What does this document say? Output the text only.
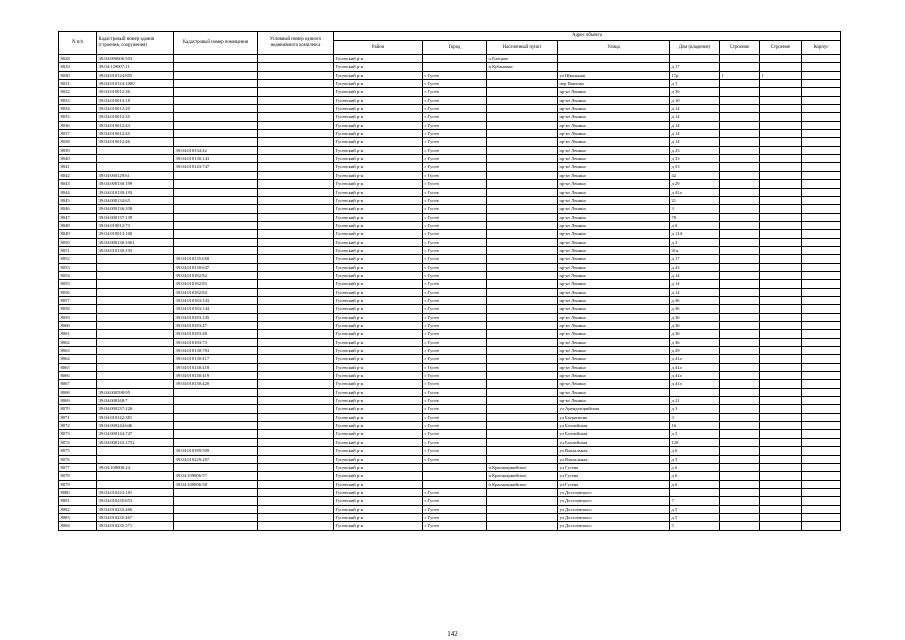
N п/п	Кадастровый номер здания (строения, сооружения)	Кадастровый номер помещения	Условный номер единого недвижимого комплекса	Адрес объекта							
				Район	Город	Населенный пункт	Улица	Дом (владение)	Строение	Строение	Корпус
8028	39:04:000606:503			Гусевский р-н		п Елецкое					
8029	39:04:129007:11			Гусевский р-н		п Кубановка		д 17			
8030	39:04:010124:855			Гусевский р-н	г Гусев		ул Школьная	17р	1	1	
8031	39:04:010124:1000			Гусевский р-н	г Гусев		пер Павлова	д 1			
8032	39:04:010012:36			Гусевский р-н	г Гусев		пр-кт Ленина	д 36			
8033	39:04:010013:18			Гусевский р-н	г Гусев		пр-кт Ленина	д 10			
8034	39:04:010012:20			Гусевский р-н	г Гусев		пр-кт Ленина	д 14			
8035	39:04:010012:35			Гусевский р-н	г Гусев		пр-кт Ленина	д 14			
8036	39:04:010012:43			Гусевский р-н	г Гусев		пр-кт Ленина	д 14			
8037	39:04:010012:45			Гусевский р-н	г Гусев		пр-кт Ленина	д 14			
8038	39:04:010012:46			Гусевский р-н	г Гусев		пр-кт Ленина	д 14			
8039		39:04:010134:42		Гусевский р-н	г Гусев		пр-кт Ленина	д 23			
8040		39:04:010130:143		Гусевский р-н	г Гусев		пр-кт Ленина	д 33			
8041		39:04:010143:747		Гусевский р-н	г Гусев		пр-кт Ленина	д 53			
8042	39:04:000129:61			Гусевский р-н	г Гусев		пр-кт Ленина	42			
8043	39:04:000130:199			Гусевский р-н	г Гусев		пр-кт Ленина	д 29			
8044	39:04:010130:193			Гусевский р-н	г Гусев		пр-кт Ленина	д 41а			
8045	39:04:000134:65			Гусевский р-н	г Гусев		пр-кт Ленина	21			
8046	39:04:000136:338			Гусевский р-н	г Гусев		пр-кт Ленина	3			
8047	39:04:000137:139			Гусевский р-н	г Гусев		пр-кт Ленина	78			
8048	39:04:010012:73			Гусевский р-н	г Гусев		пр-кт Ленина	д 6			
8049	39:04:010013:100			Гусевский р-н	г Гусев		пр-кт Ленина	д 11А			
8050	39:04:000130:1061			Гусевский р-н	г Гусев		пр-кт Ленина	д 3			
8051	39:04:010130:193			Гусевский р-н	г Гусев		пр-кт Ленина	41а			
8052		39:04:010135:658		Гусевский р-н	г Гусев		пр-кт Ленина	д 17			
8053		39:04:010130:647		Гусевский р-н	г Гусев		пр-кт Ленина	д 43			
8054		39:04:010182:82		Гусевский р-н	г Гусев		пр-кт Ленина	д 14			
8055		39:04:010182:83		Гусевский р-н	г Гусев		пр-кт Ленина	д 14			
8056		39:04:010182:84		Гусевский р-н	г Гусев		пр-кт Ленина	д 14			
8057		39:04:010183:143		Гусевский р-н	г Гусев		пр-кт Ленина	д 36			
8058		39:04:010183:144		Гусевский р-н	г Гусев		пр-кт Ленина	д 36			
8059		39:04:010183:145		Гусевский р-н	г Гусев		пр-кт Ленина	д 36			
8060		39:04:010183:47		Гусевский р-н	г Гусев		пр-кт Ленина	д 36			
8061		39:04:010183:48		Гусевский р-н	г Гусев		пр-кт Ленина	д 36			
8062		39:04:010183:73		Гусевский р-н	г Гусев		пр-кт Ленина	д 36			
8063		39:04:010130:703		Гусевский р-н	г Гусев		пр-кт Ленина	д 29			
8064		39:04:010130:417		Гусевский р-н	г Гусев		пр-кт Ленина	д 41а			
8065		39:04:010130:418		Гусевский р-н	г Гусев		пр-кт Ленина	д 41а			
8066		39:04:010130:419		Гусевский р-н	г Гусев		пр-кт Ленина	д 41а			
8067		39:04:010130:420		Гусевский р-н	г Гусев		пр-кт Ленина	д 41а			
8068	39:04:000598:95			Гусевский р-н	г Гусев		пр-кт Ленина				
8069	39:04:000348:7			Гусевский р-н	г Гусев		пр-кт Ленина	д 21			
8070	39:04:000237:226			Гусевский р-н	г Гусев		ул Арендаторийская	д 3			
8071	39:04:010142:381			Гусевский р-н	г Гусев		ул Багратиона	3			
8072	39:04:000244:646			Гусевский р-н	г Гусев		ул Балтийская	16			
8073	39:04:000144:747			Гусевский р-н	г Гусев		ул Балтийская	д 3			
8074	39:04:000143:1752			Гусевский р-н	г Гусев		ул Балтийская	128			
8075		39:04:010189:509		Гусевский р-н	г Гусев		ул Вокзальная	д 6			
8076		39:04:010229:287		Гусевский р-н	г Гусев		ул Вокзальная	д 3			
8077	39:04:109006:24			Гусевский р-н		п Красноармейское	ул Гусева	д 6			
8078		39:04:109006:57		Гусевский р-н		п Красноармейское	ул Гусева	д 6			
8079		39:04:109006:58		Гусевский р-н		п Красноармейское	ул Гусева	д 6			
8080	39:04:010223:181			Гусевский р-н	г Гусев		ул Достоевского				
8081	39:04:010235:653			Гусевский р-н	г Гусев		ул Достоевского	7			
8082	39:04:010233:466			Гусевский р-н	г Гусев		ул Достоевского	д 5			
8083	39:04:010235:467			Гусевский р-н	г Гусев		ул Достоевского	д 5			
8084	39:04:010235:571			Гусевский р-н	г Гусев		ул Достоевского	5			
142
